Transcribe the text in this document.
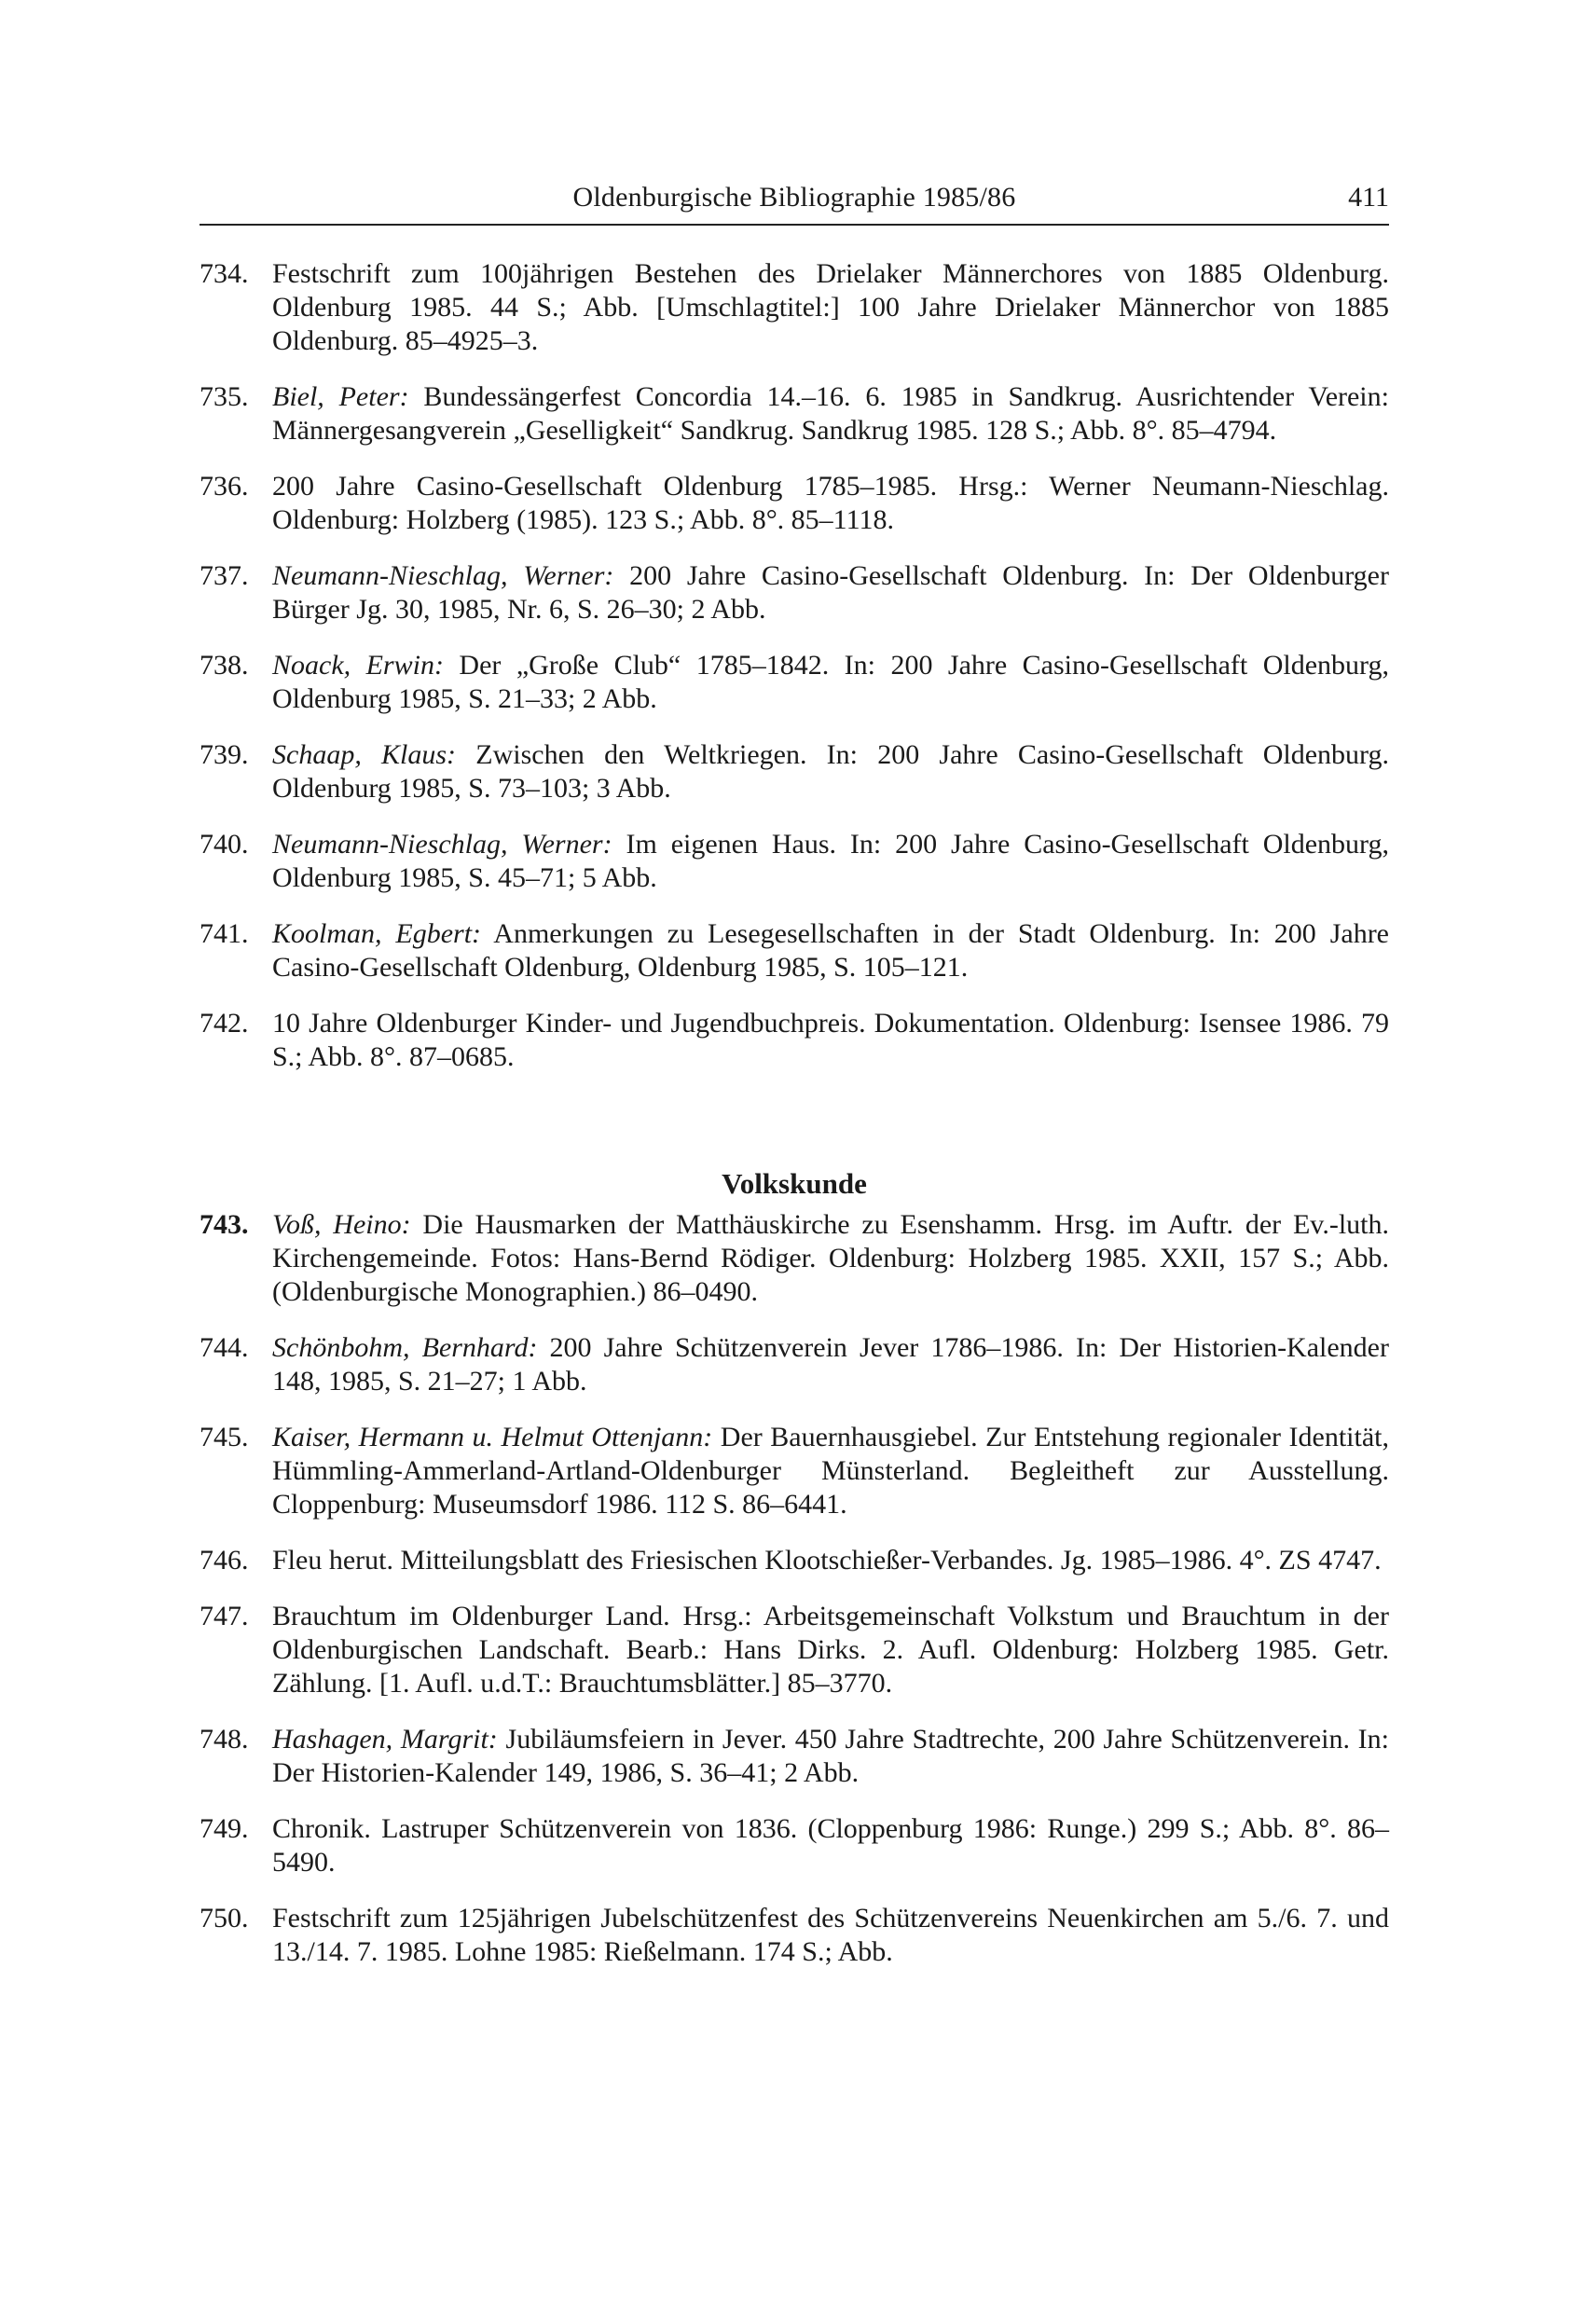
Oldenburgische Bibliographie 1985/86	411

734. Festschrift zum 100jährigen Bestehen des Drielaker Männerchores von 1885 Oldenburg. Oldenburg 1985. 44 S.; Abb. [Umschlagtitel:] 100 Jahre Drielaker Männerchor von 1885 Oldenburg. 85–4925–3.

735. Biel, Peter: Bundessängerfest Concordia 14.–16. 6. 1985 in Sandkrug. Ausrichtender Verein: Männergesangverein „Geselligkeit“ Sandkrug. Sandkrug 1985. 128 S.; Abb. 8°. 85–4794.

736. 200 Jahre Casino-Gesellschaft Oldenburg 1785–1985. Hrsg.: Werner Neumann-Nieschlag. Oldenburg: Holzberg (1985). 123 S.; Abb. 8°. 85–1118.

737. Neumann-Nieschlag, Werner: 200 Jahre Casino-Gesellschaft Oldenburg. In: Der Oldenburger Bürger Jg. 30, 1985, Nr. 6, S. 26–30; 2 Abb.

738. Noack, Erwin: Der „Große Club“ 1785–1842. In: 200 Jahre Casino-Gesellschaft Oldenburg, Oldenburg 1985, S. 21–33; 2 Abb.

739. Schaap, Klaus: Zwischen den Weltkriegen. In: 200 Jahre Casino-Gesellschaft Oldenburg. Oldenburg 1985, S. 73–103; 3 Abb.

740. Neumann-Nieschlag, Werner: Im eigenen Haus. In: 200 Jahre Casino-Gesellschaft Oldenburg, Oldenburg 1985, S. 45–71; 5 Abb.

741. Koolman, Egbert: Anmerkungen zu Lesegesellschaften in der Stadt Oldenburg. In: 200 Jahre Casino-Gesellschaft Oldenburg, Oldenburg 1985, S. 105–121.

742. 10 Jahre Oldenburger Kinder- und Jugendbuchpreis. Dokumentation. Oldenburg: Isensee 1986. 79 S.; Abb. 8°. 87–0685.

Volkskunde

743. Voß, Heino: Die Hausmarken der Matthäuskirche zu Esenshamm. Hrsg. im Auftr. der Ev.-luth. Kirchengemeinde. Fotos: Hans-Bernd Rödiger. Oldenburg: Holzberg 1985. XXII, 157 S.; Abb. (Oldenburgische Monographien.) 86–0490.

744. Schönbohm, Bernhard: 200 Jahre Schützenverein Jever 1786–1986. In: Der Historien-Kalender 148, 1985, S. 21–27; 1 Abb.

745. Kaiser, Hermann u. Helmut Ottenjann: Der Bauernhausgiebel. Zur Entstehung regionaler Identität, Hümmling-Ammerland-Artland-Oldenburger Münsterland. Begleitheft zur Ausstellung. Cloppenburg: Museumsdorf 1986. 112 S. 86–6441.

746. Fleu herut. Mitteilungsblatt des Friesischen Klootschießer-Verbandes. Jg. 1985–1986. 4°. ZS 4747.

747. Brauchtum im Oldenburger Land. Hrsg.: Arbeitsgemeinschaft Volkstum und Brauchtum in der Oldenburgischen Landschaft. Bearb.: Hans Dirks. 2. Aufl. Oldenburg: Holzberg 1985. Getr. Zählung. [1. Aufl. u.d.T.: Brauchtumsblätter.] 85–3770.

748. Hashagen, Margrit: Jubiläumsfeiern in Jever. 450 Jahre Stadtrechte, 200 Jahre Schützenverein. In: Der Historien-Kalender 149, 1986, S. 36–41; 2 Abb.

749. Chronik. Lastruper Schützenverein von 1836. (Cloppenburg 1986: Runge.) 299 S.; Abb. 8°. 86–5490.

750. Festschrift zum 125jährigen Jubelschützenfest des Schützenvereins Neuenkirchen am 5./6. 7. und 13./14. 7. 1985. Lohne 1985: Rießelmann. 174 S.; Abb.
